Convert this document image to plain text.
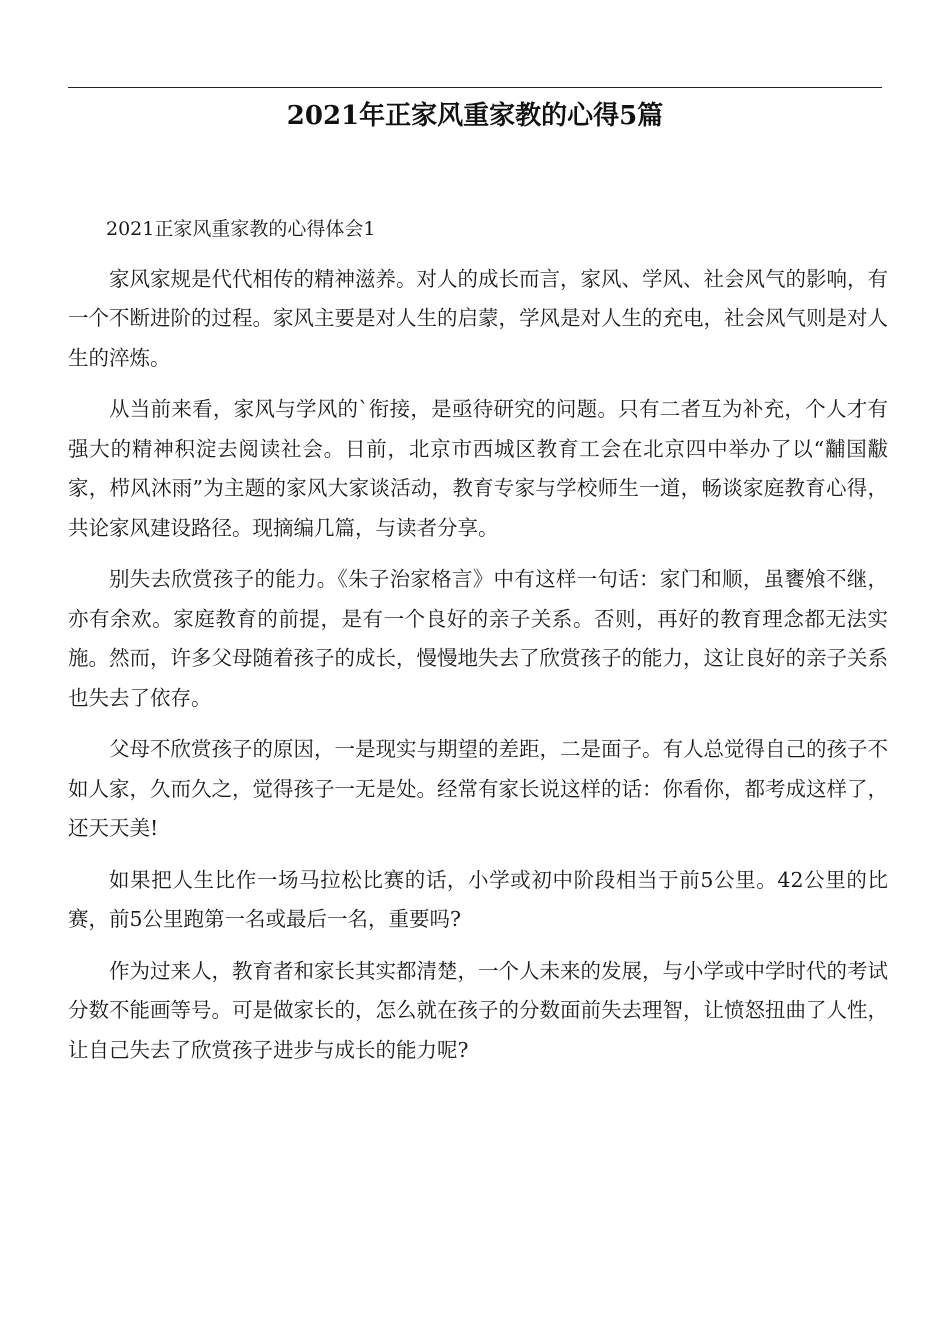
2021年正家风重家教的心得5篇

2021正家风重家教的心得体会1

家风家规是代代相传的精神滋养。对人的成长而言，家风、学风、社会风气的影响，有一个不断进阶的过程。家风主要是对人生的启蒙，学风是对人生的充电，社会风气则是对人生的淬炼。

从当前来看，家风与学风的`衔接，是亟待研究的问题。只有二者互为补充，个人才有强大的精神积淀去阅读社会。日前，北京市西城区教育工会在北京四中举办了以“黼国黻家，栉风沐雨”为主题的家风大家谈活动，教育专家与学校师生一道，畅谈家庭教育心得，共论家风建设路径。现摘编几篇，与读者分享。

别失去欣赏孩子的能力。《朱子治家格言》中有这样一句话：家门和顺，虽饔飧不继，亦有余欢。家庭教育的前提，是有一个良好的亲子关系。否则，再好的教育理念都无法实施。然而，许多父母随着孩子的成长，慢慢地失去了欣赏孩子的能力，这让良好的亲子关系也失去了依存。

父母不欣赏孩子的原因，一是现实与期望的差距，二是面子。有人总觉得自己的孩子不如人家，久而久之，觉得孩子一无是处。经常有家长说这样的话：你看你，都考成这样了，还天天美!

如果把人生比作一场马拉松比赛的话，小学或初中阶段相当于前5公里。42公里的比赛，前5公里跑第一名或最后一名，重要吗?

作为过来人，教育者和家长其实都清楚，一个人未来的发展，与小学或中学时代的考试分数不能画等号。可是做家长的，怎么就在孩子的分数面前失去理智，让愤怒扭曲了人性，让自己失去了欣赏孩子进步与成长的能力呢?
